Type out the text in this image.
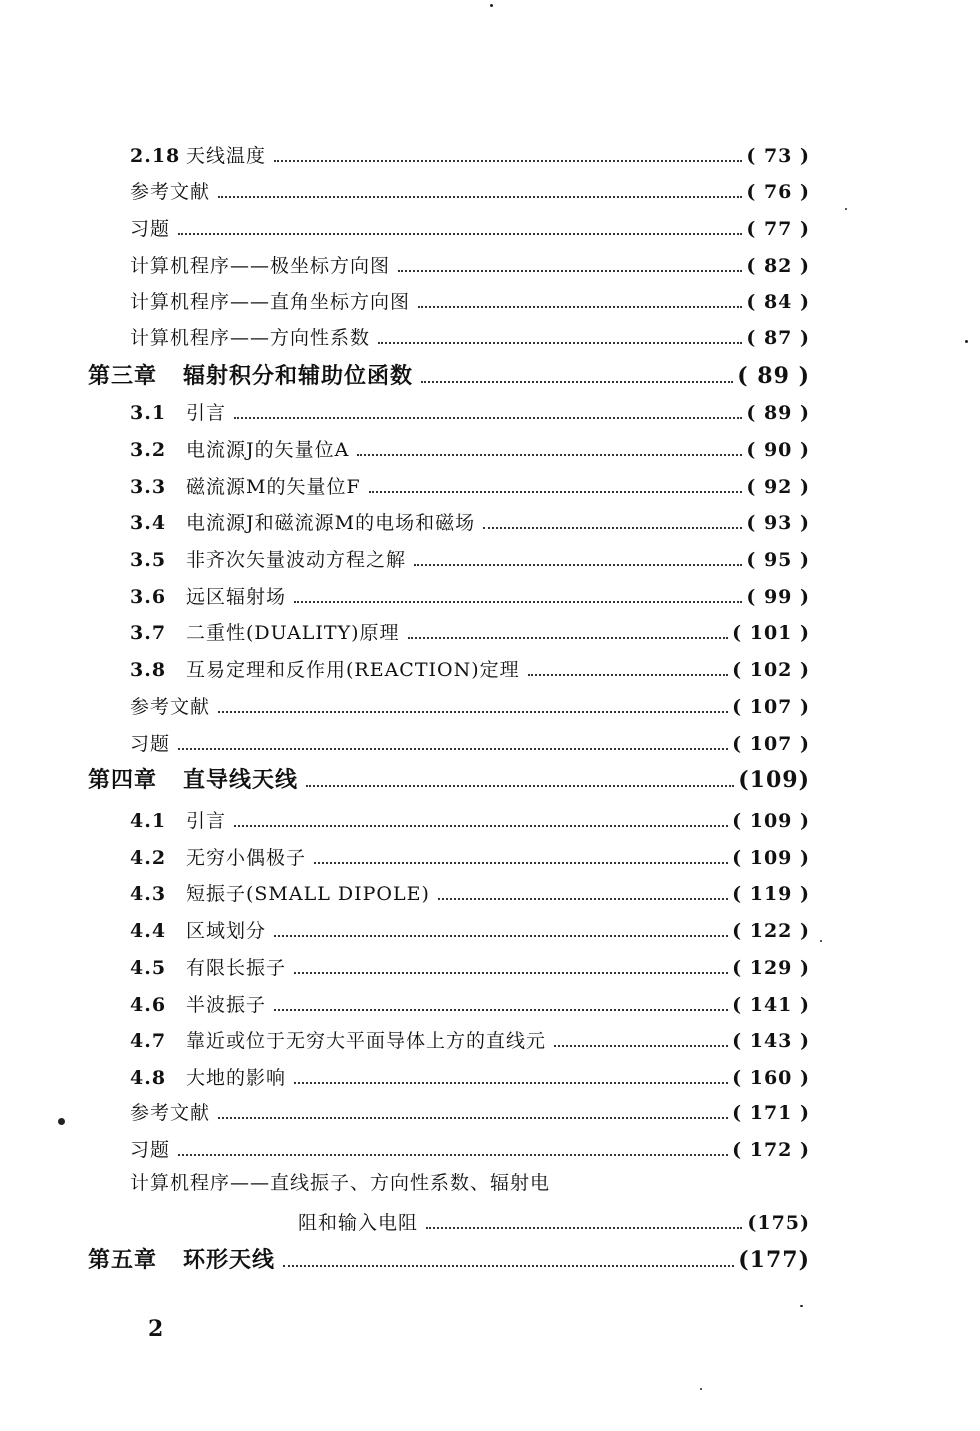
2.18 天线温度	( 73 )
参考文献	( 76 )
习题	( 77 )
计算机程序——极坐标方向图	( 82 )
计算机程序——直角坐标方向图	( 84 )
计算机程序——方向性系数	( 87 )
第三章 辐射积分和辅助位函数	( 89 )
3.1	引言	( 89 )
3.2	电流源J的矢量位A	( 90 )
3.3	磁流源M的矢量位F	( 92 )
3.4	电流源J和磁流源M的电场和磁场	( 93 )
3.5	非齐次矢量波动方程之解	( 95 )
3.6	远区辐射场	( 99 )
3.7	二重性(DUALITY)原理	( 101 )
3.8	互易定理和反作用(REACTION)定理	( 102 )
参考文献	( 107 )
习题	( 107 )
第四章 直导线天线	(109)
4.1	引言	( 109 )
4.2	无穷小偶极子	( 109 )
4.3	短振子(SMALL DIPOLE)	( 119 )
4.4	区域划分	( 122 )
4.5	有限长振子	( 129 )
4.6	半波振子	( 141 )
4.7	靠近或位于无穷大平面导体上方的直线元	( 143 )
4.8	大地的影响	( 160 )
参考文献	( 171 )
习题	( 172 )
计算机程序——直线振子、方向性系数、辐射电
阻和输入电阻	(175)
第五章 环形天线	(177)
2
